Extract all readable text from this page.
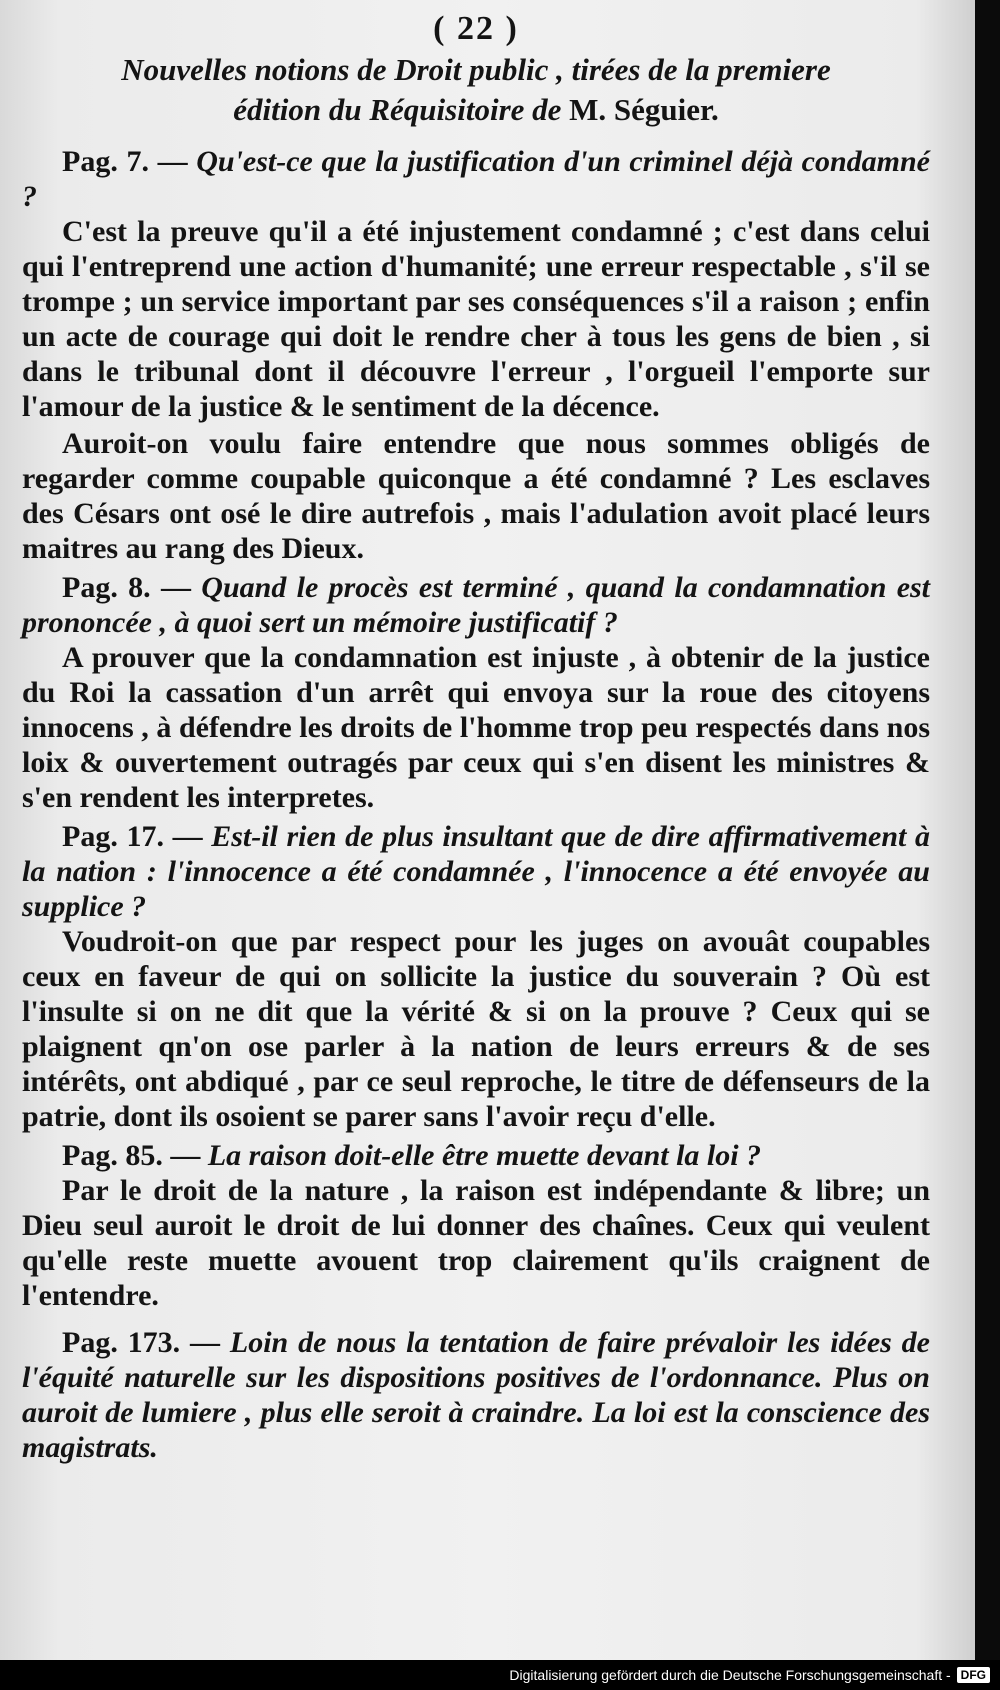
( 22 )
Nouvelles notions de Droit public , tirées de la premiere
édition du Réquisitoire de M. Séguier.
Pag. 7. — Qu'est-ce que la justification d'un criminel déjà condamné ?
C'est la preuve qu'il a été injustement condamné ; c'est dans celui qui l'entreprend une action d'humanité; une erreur respectable , s'il se trompe ; un service important par ses conséquences s'il a raison ; enfin un acte de courage qui doit le rendre cher à tous les gens de bien , si dans le tribunal dont il découvre l'erreur , l'orgueil l'emporte sur l'amour de la justice & le sentiment de la décence.
Auroit-on voulu faire entendre que nous sommes obligés de regarder comme coupable quiconque a été condamné ? Les esclaves des Césars ont osé le dire autrefois , mais l'adulation avoit placé leurs maitres au rang des Dieux.
Pag. 8. — Quand le procès est terminé , quand la condamnation est prononcée , à quoi sert un mémoire justificatif ?
A prouver que la condamnation est injuste , à obtenir de la justice du Roi la cassation d'un arrêt qui envoya sur la roue des citoyens innocens , à défendre les droits de l'homme trop peu respectés dans nos loix & ouvertement outragés par ceux qui s'en disent les ministres & s'en rendent les interpretes.
Pag. 17. — Est-il rien de plus insultant que de dire affirmativement à la nation : l'innocence a été condamnée , l'innocence a été envoyée au supplice ?
Voudroit-on que par respect pour les juges on avouât coupables ceux en faveur de qui on sollicite la justice du souverain ? Où est l'insulte si on ne dit que la vérité & si on la prouve ? Ceux qui se plaignent qn'on ose parler à la nation de leurs erreurs & de ses intérêts, ont abdiqué , par ce seul reproche, le titre de défenseurs de la patrie, dont ils osoient se parer sans l'avoir reçu d'elle.
Pag. 85. — La raison doit-elle être muette devant la loi ?
Par le droit de la nature , la raison est indépendante & libre; un Dieu seul auroit le droit de lui donner des chaînes. Ceux qui veulent qu'elle reste muette avouent trop clairement qu'ils craignent de l'entendre.
Pag. 173. — Loin de nous la tentation de faire prévaloir les idées de l'équité naturelle sur les dispositions positives de l'ordonnance. Plus on auroit de lumiere , plus elle seroit à craindre. La loi est la conscience des magistrats.
Digitalisierung gefördert durch die Deutsche Forschungsgemeinschaft - DFG
